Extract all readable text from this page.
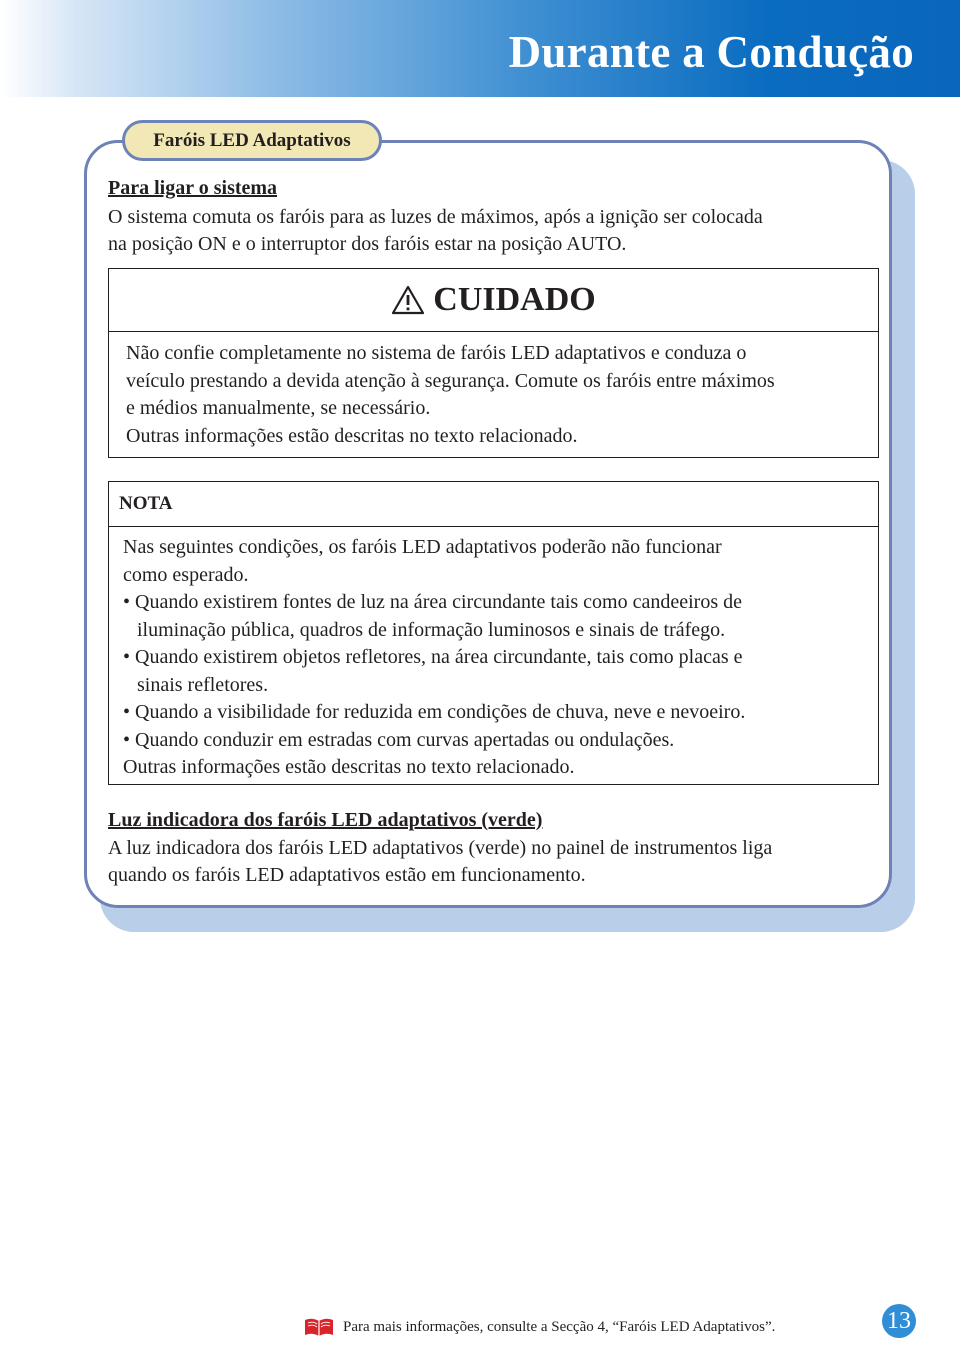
Durante a Condução
Faróis LED Adaptativos
Para ligar o sistema
O sistema comuta os faróis para as luzes de máximos, após a ignição ser colocada
na posição ON e o interruptor dos faróis estar na posição AUTO.
CUIDADO
Não confie completamente no sistema de faróis LED adaptativos e conduza o
veículo prestando a devida atenção à segurança. Comute os faróis entre máximos
e médios manualmente, se necessário.
Outras informações estão descritas no texto relacionado.
NOTA
Nas seguintes condições, os faróis LED adaptativos poderão não funcionar
como esperado.
• Quando existirem fontes de luz na área circundante tais como candeeiros de
iluminação pública, quadros de informação luminosos e sinais de tráfego.
• Quando existirem objetos refletores, na área circundante, tais como placas e
sinais refletores.
• Quando a visibilidade for reduzida em condições de chuva, neve e nevoeiro.
• Quando conduzir em estradas com curvas apertadas ou ondulações.
Outras informações estão descritas no texto relacionado.
Luz indicadora dos faróis LED adaptativos (verde)
A luz indicadora dos faróis LED adaptativos (verde) no painel de instrumentos liga
quando os faróis LED adaptativos estão em funcionamento.
Para mais informações, consulte a Secção 4, “Faróis LED Adaptativos”.	13
